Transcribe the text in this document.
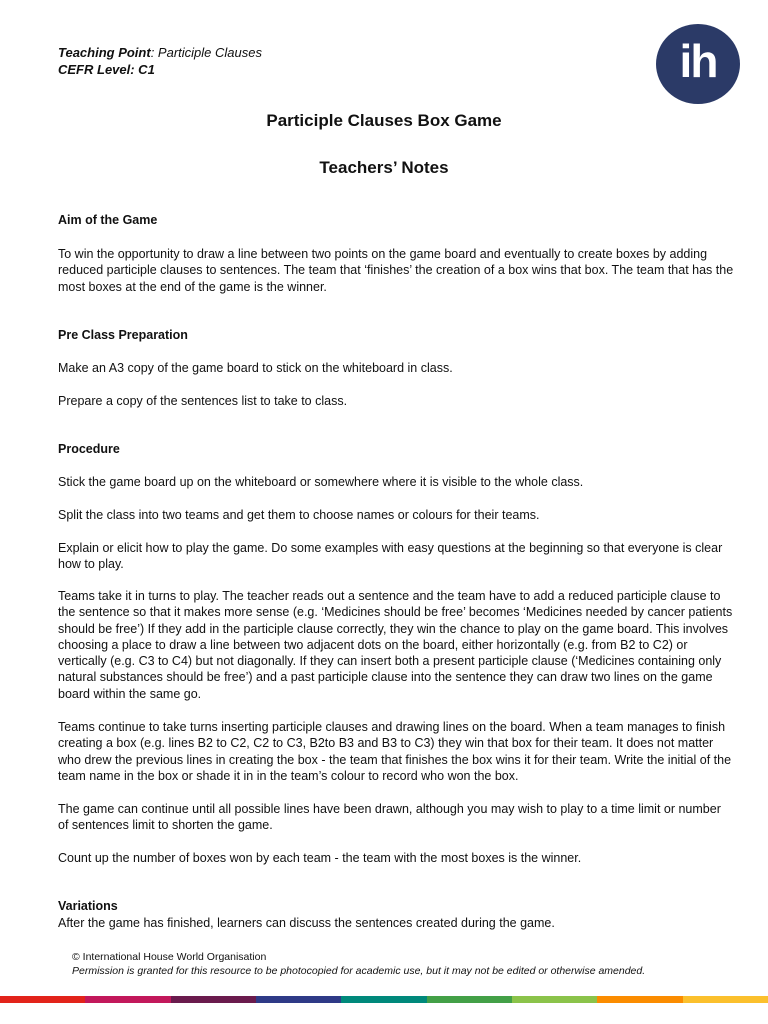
Teaching Point: Participle Clauses
CEFR Level: C1	ih
Participle Clauses Box Game
Teachers’ Notes
Aim of the Game

To win the opportunity to draw a line between two points on the game board and eventually to create boxes by adding reduced participle clauses to sentences. The team that ‘finishes’ the creation of a box wins that box. The team that has the most boxes at the end of the game is the winner.

Pre Class Preparation

Make an A3 copy of the game board to stick on the whiteboard in class.

Prepare a copy of the sentences list to take to class.

Procedure

Stick the game board up on the whiteboard or somewhere where it is visible to the whole class.

Split the class into two teams and get them to choose names or colours for their teams.

Explain or elicit how to play the game. Do some examples with easy questions at the beginning so that everyone is clear how to play.

Teams take it in turns to play. The teacher reads out a sentence and the team have to add a reduced participle clause to the sentence so that it makes more sense (e.g. ‘Medicines should be free’ becomes ‘Medicines needed by cancer patients should be free’) If they add in the participle clause correctly, they win the chance to play on the game board. This involves choosing a place to draw a line between two adjacent dots on the board, either horizontally (e.g. from B2 to C2) or vertically (e.g. C3 to C4) but not diagonally. If they can insert both a present participle clause (‘Medicines containing only natural substances should be free’) and a past participle clause into the sentence they can draw two lines on the game board within the same go.

Teams continue to take turns inserting participle clauses and drawing lines on the board. When a team manages to finish creating a box (e.g. lines B2 to C2, C2 to C3, B2to B3 and B3 to C3) they win that box for their team. It does not matter who drew the previous lines in creating the box - the team that finishes the box wins it for their team. Write the initial of the team name in the box or shade it in in the team’s colour to record who won the box.

The game can continue until all possible lines have been drawn, although you may wish to play to a time limit or number of sentences limit to shorten the game.

Count up the number of boxes won by each team - the team with the most boxes is the winner.

Variations

After the game has finished, learners can discuss the sentences created during the game.

© International House World Organisation
Permission is granted for this resource to be photocopied for academic use, but it may not be edited or otherwise amended.
